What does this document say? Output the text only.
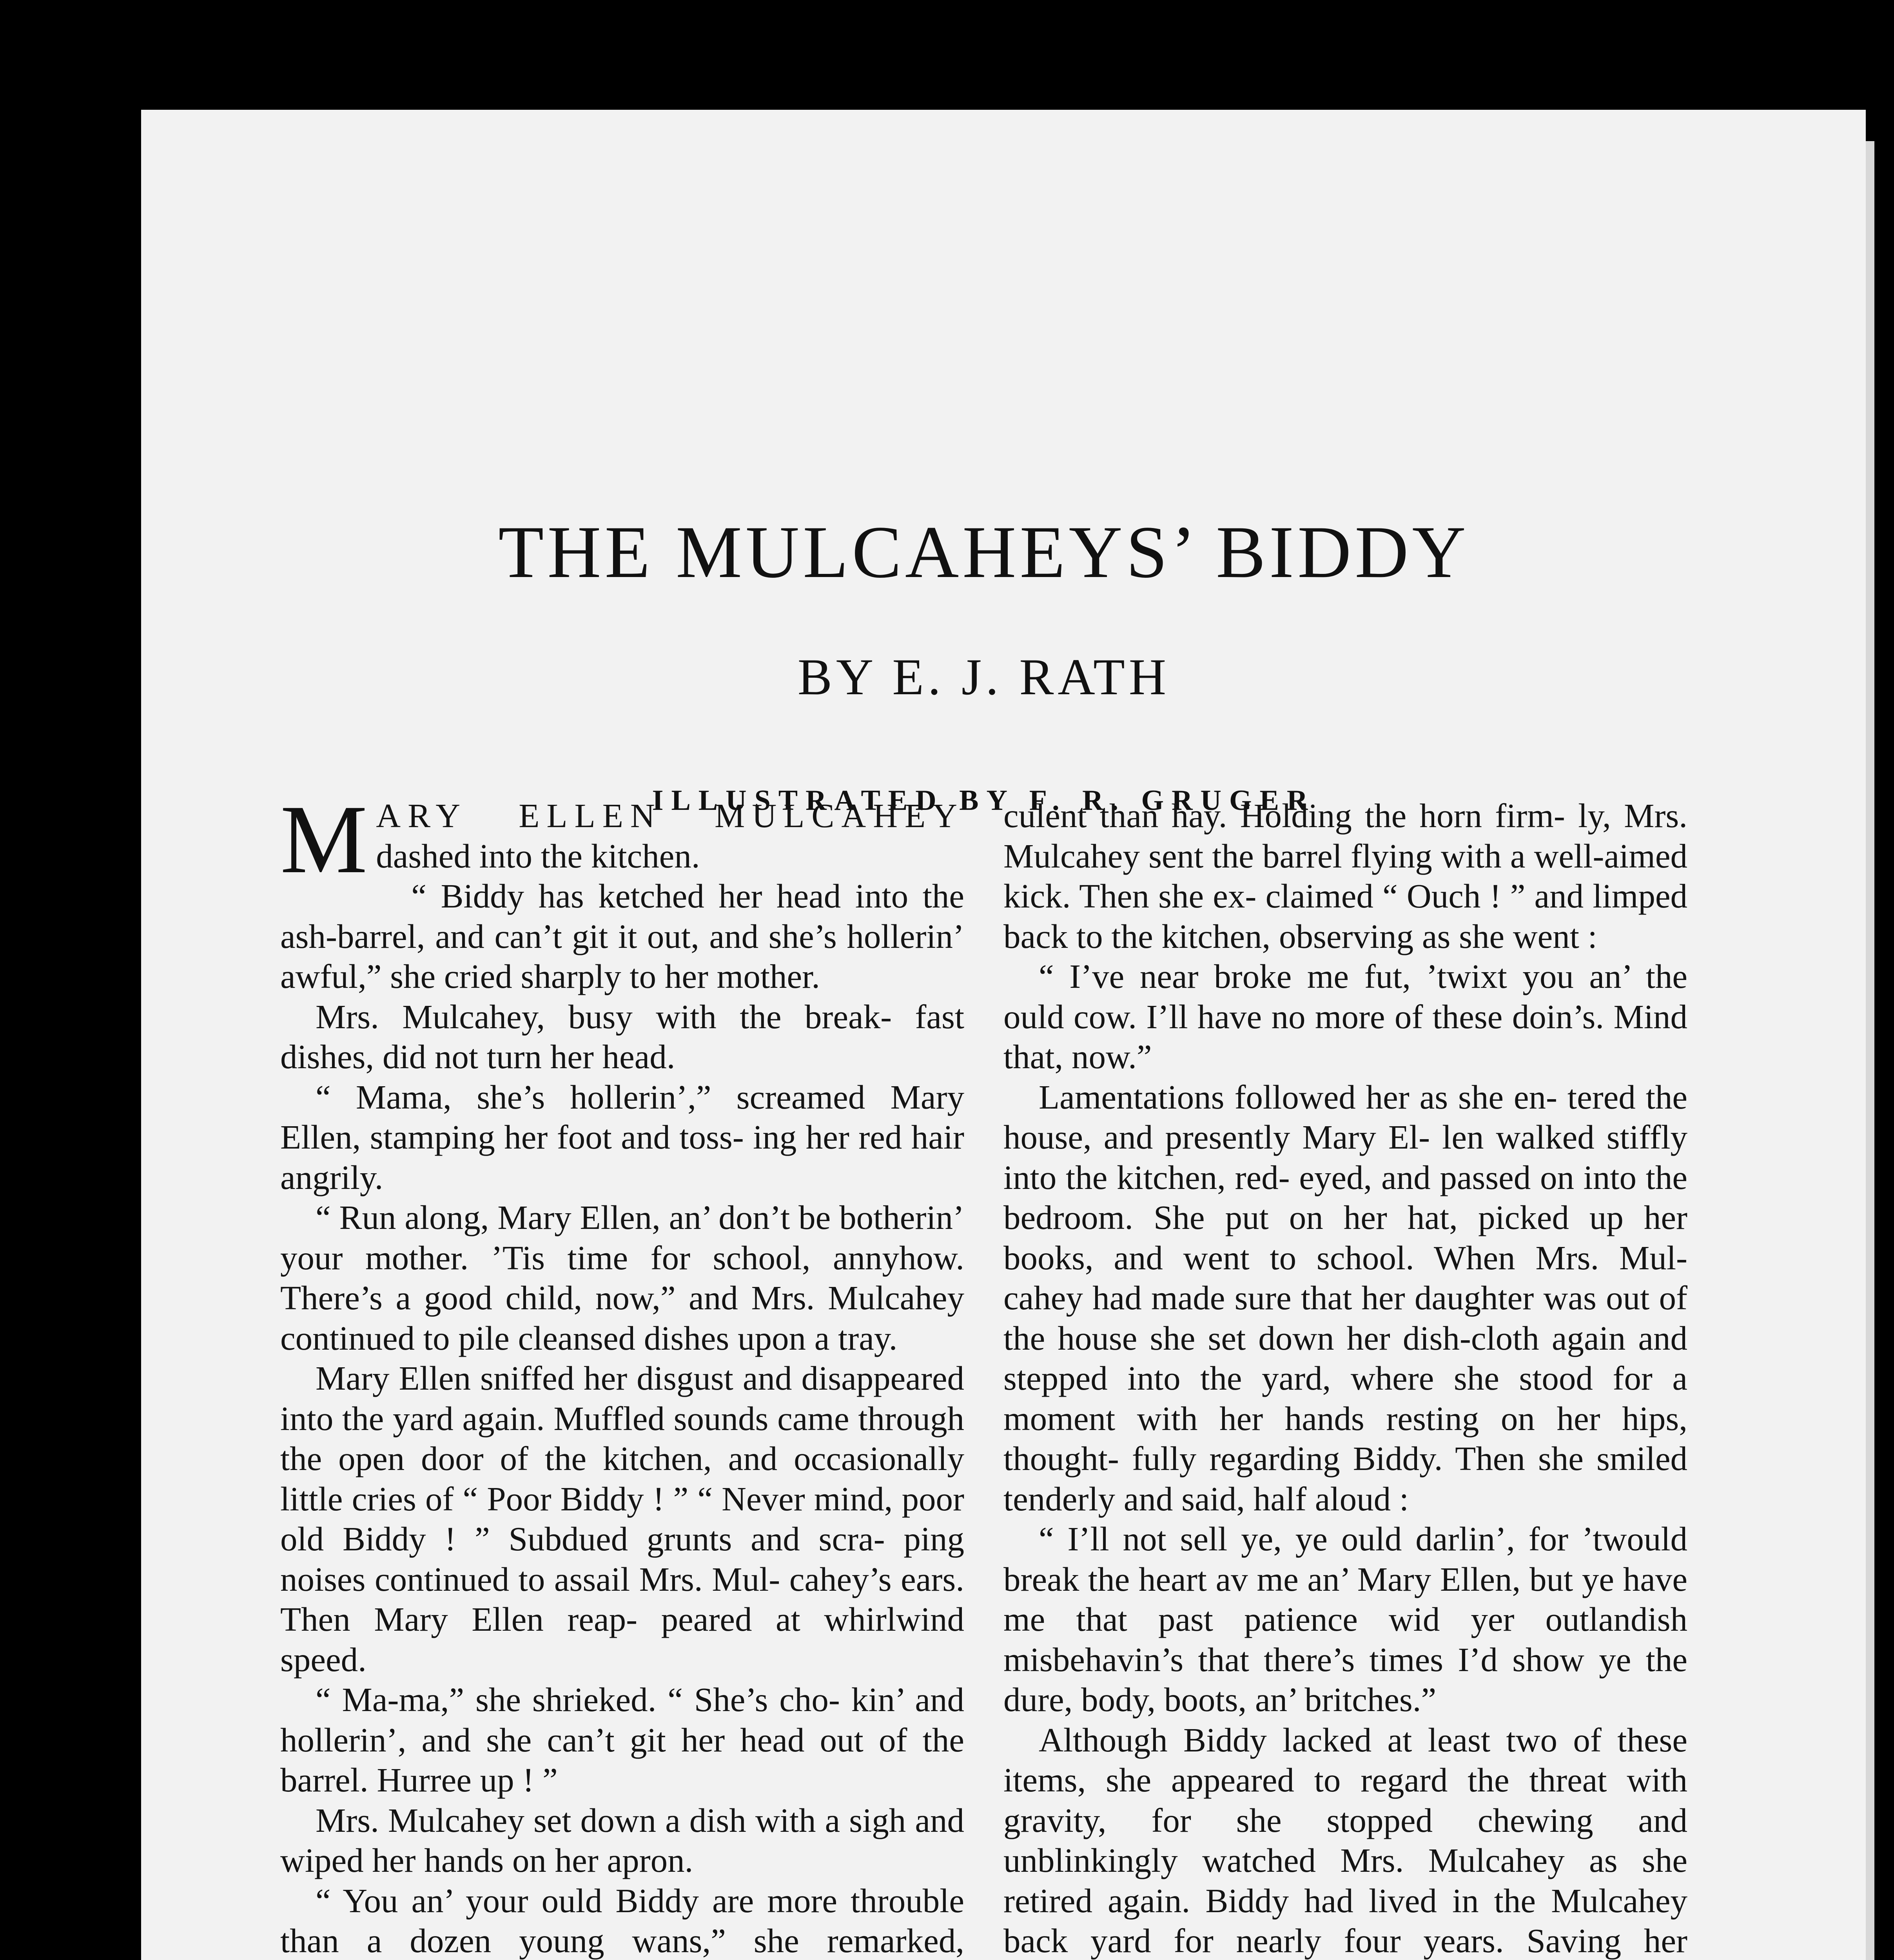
THE MULCAHEYS’ BIDDY

BY E. J. RATH

ILLUSTRATED BY F. R. GRUGER

MARY ELLEN MULCAHEY dashed into the kitchen.

“ Biddy has ketched her head into the ash-barrel, and can’t git it out, and she’s hollerin’ awful,” she cried sharply to her mother.

Mrs. Mulcahey, busy with the break- fast dishes, did not turn her head.

“ Mama, she’s hollerin’,” screamed Mary Ellen, stamping her foot and toss- ing her red hair angrily.

“ Run along, Mary Ellen, an’ don’t be botherin’ your mother. ’Tis time for school, annyhow. There’s a good child, now,” and Mrs. Mulcahey continued to pile cleansed dishes upon a tray.

Mary Ellen sniffed her disgust and disappeared into the yard again. Muffled sounds came through the open door of the kitchen, and occasionally little cries of “ Poor Biddy ! ” “ Never mind, poor old Biddy ! ” Subdued grunts and scra- ping noises continued to assail Mrs. Mul- cahey’s ears. Then Mary Ellen reap- peared at whirlwind speed.

“ Ma-ma,” she shrieked. “ She’s cho- kin’ and hollerin’, and she can’t git her head out of the barrel. Hurree up ! ”

Mrs. Mulcahey set down a dish with a sigh and wiped her hands on her apron.

“ You an’ your ould Biddy are more throuble than a dozen young wans,” she remarked,

culent than hay. Holding the horn firm- ly, Mrs. Mulcahey sent the barrel flying with a well-aimed kick. Then she ex- claimed “ Ouch ! ” and limped back to the kitchen, observing as she went :

“ I’ve near broke me fut, ’twixt you an’ the ould cow. I’ll have no more of these doin’s. Mind that, now.”

Lamentations followed her as she en- tered the house, and presently Mary El- len walked stiffly into the kitchen, red- eyed, and passed on into the bedroom. She put on her hat, picked up her books, and went to school. When Mrs. Mul- cahey had made sure that her daughter was out of the house she set down her dish-cloth again and stepped into the yard, where she stood for a moment with her hands resting on her hips, thought- fully regarding Biddy. Then she smiled tenderly and said, half aloud :

“ I’ll not sell ye, ye ould darlin’, for ’twould break the heart av me an’ Mary Ellen, but ye have me that past patience wid yer outlandish misbehavin’s that there’s times I’d show ye the dure, body, boots, an’ britches.”

Although Biddy lacked at least two of these items, she appeared to regard the threat with gravity, for she stopped chewing and unblinkingly watched Mrs. Mulcahey as she retired again. Biddy had lived in the Mulcahey back yard for nearly four years. Saving her
